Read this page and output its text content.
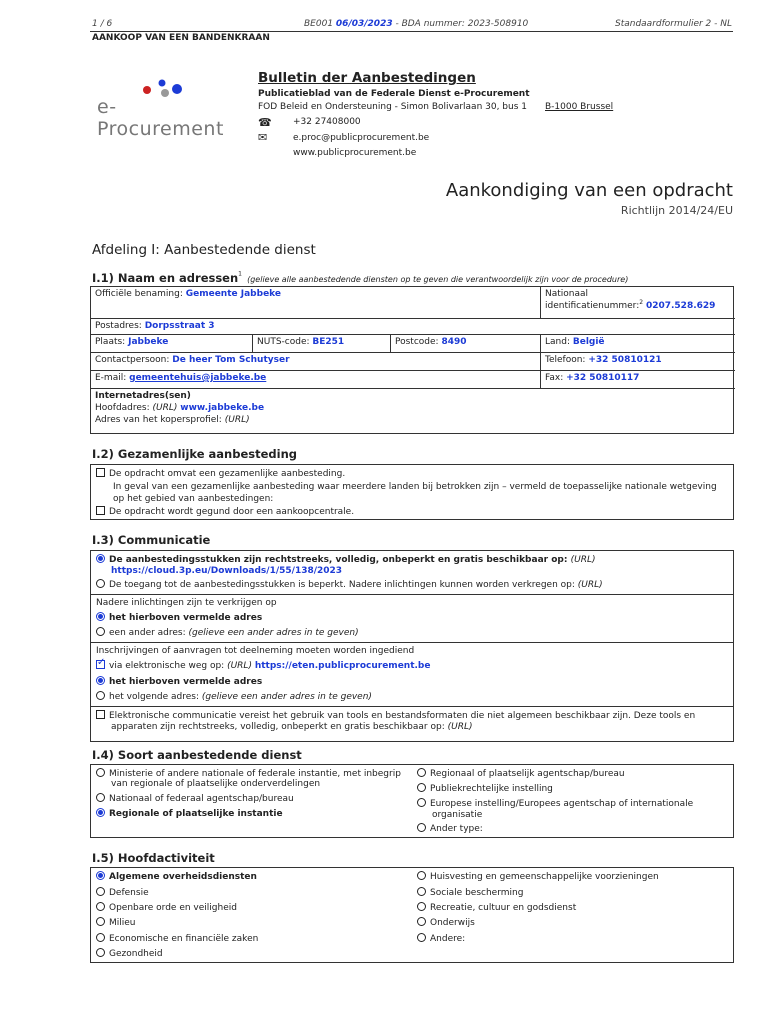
1 / 6	BE001 06/03/2023 - BDA nummer: 2023-508910	Standaardformulier 2 - NL
AANKOOP VAN EEN BANDENKRAAN
e-Procurement
Bulletin der Aanbestedingen
Publicatieblad van de Federale Dienst e-Procurement
FOD Beleid en Ondersteuning - Simon Bolivarlaan 30, bus 1 B-1000 Brussel
☎ +32 27408000
✉	e.proc@publicprocurement.be
www.publicprocurement.be
Aankondiging van een opdracht
Richtlijn 2014/24/EU
Afdeling I: Aanbestedende dienst
I.1) Naam en adressen$^1$ (gelieve alle aanbestedende diensten op te geven die verantwoordelijk zijn voor de procedure)
Officiële benaming: Gemeente Jabbeke	Nationaal
identificatienummer:$^2$ 0207.528.629
Postadres: Dorpsstraat 3
Plaats: Jabbeke	NUTS-code: BE251	Postcode: 8490	Land: België
Contactpersoon: De heer Tom Schutyser	Telefoon: +32 50810121
E-mail: gemeentehuis@jabbeke.be	Fax: +32 50810117
Internetadres(sen)
Hoofdadres: (URL) www.jabbeke.be
Adres van het kopersprofiel: (URL)
I.2) Gezamenlijke aanbesteding
De opdracht omvat een gezamenlijke aanbesteding.
In geval van een gezamenlijke aanbesteding waar meerdere landen bij betrokken zijn – vermeld de toepasselijke nationale wetgeving
op het gebied van aanbestedingen:
De opdracht wordt gegund door een aankoopcentrale.
I.3) Communicatie
De aanbestedingsstukken zijn rechtstreeks, volledig, onbeperkt en gratis beschikbaar op: (URL)
https://cloud.3p.eu/Downloads/1/55/138/2023
De toegang tot de aanbestedingsstukken is beperkt. Nadere inlichtingen kunnen worden verkregen op: (URL)
Nadere inlichtingen zijn te verkrijgen op
het hierboven vermelde adres
een ander adres: (gelieve een ander adres in te geven)
Inschrijvingen of aanvragen tot deelneming moeten worden ingediend
✓via elektronische weg op: (URL) https://eten.publicprocurement.be
het hierboven vermelde adres
het volgende adres: (gelieve een ander adres in te geven)
Elektronische communicatie vereist het gebruik van tools en bestandsformaten die niet algemeen beschikbaar zijn. Deze tools en
apparaten zijn rechtstreeks, volledig, onbeperkt en gratis beschikbaar op: (URL)
I.4) Soort aanbestedende dienst
Ministerie of andere nationale of federale instantie, met inbegrip
van regionale of plaatselijke onderverdelingen
Nationaal of federaal agentschap/bureau
Regionale of plaatselijke instantie
Regionaal of plaatselijk agentschap/bureau
Publiekrechtelijke instelling
Europese instelling/Europees agentschap of internationale
organisatie
Ander type:
I.5) Hoofdactiviteit
Algemene overheidsdiensten
Defensie
Openbare orde en veiligheid
Milieu
Economische en financiële zaken
Gezondheid
Huisvesting en gemeenschappelijke voorzieningen
Sociale bescherming
Recreatie, cultuur en godsdienst
Onderwijs
Andere:
